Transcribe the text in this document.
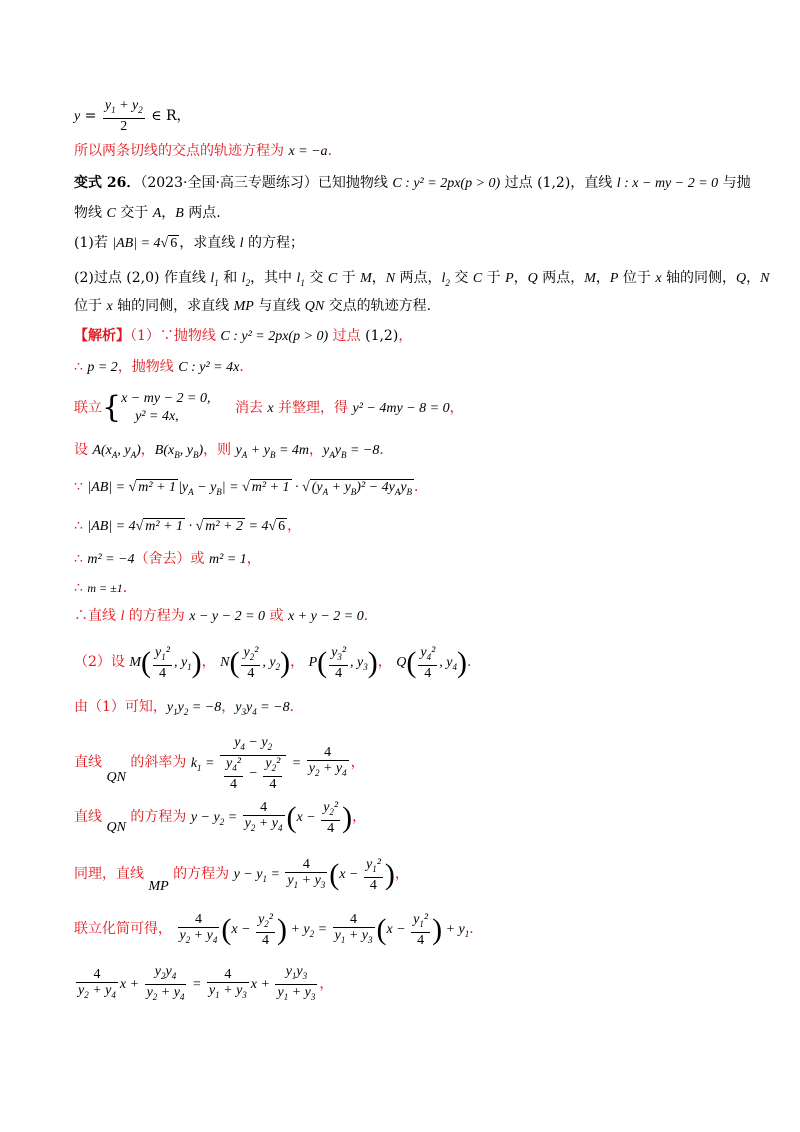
$y = \frac{y_1 + y_2}{2}$ ∈ R，
所以两条切线的交点的轨迹方程为 x = −a．
变式 26．（2023·全国·高三专题练习）已知抛物线 C : y² = 2px(p > 0) 过点 (1,2)，直线 l : x − my − 2 = 0 与抛
物线 C 交于 A，B 两点.
(1)若 |AB| = 4√ 6 ，求直线 l 的方程；
(2)过点 (2,0) 作直线 $l_1$ 和 $l_2$，其中 $l_1$ 交 C 于 M，N 两点，$l_2$ 交 C 于 P，Q 两点，M，P 位于 x 轴的同侧，Q，N
位于 x 轴的同侧，求直线 MP 与直线 QN 交点的轨迹方程.
【解析】（1）∵抛物线 C : y² = 2px(p > 0) 过点 (1,2)，
∴ p = 2，抛物线 C : y² = 4x．
联立{x − my − 2 = 0,
y² = 4x, 消去 x 并整理，得 y² − 4my − 8 = 0，
设 $A(x_A$, $y_A$)，$B(x_B$, $y_B$)，则 $y_A + y_B = 4m$，$y_Ay_B = -8$．
∵ |AB| = √ m² + 1 $|y_A - y_B|$ = √ m² + 1 · √ $(y_A + y_B)^2 - 4y_Ay_B$ ．
∴ |AB| = 4√ m² + 1 · √ m² + 2 = 4√ 6 ，
∴ m² = −4（舍去）或 m² = 1，
∴ m = ±1．
∴直线 l 的方程为 x − y − 2 = 0 或 x + y − 2 = 0．
（2）设 $M( \frac{y_1^2}{4}$ , $y_1$)， $N( \frac{y_2^2}{4}$ , $y_2$)， $P( \frac{y_3^2}{4}$ , $y_3$)， $Q( \frac{y_4^2}{4}$ , $y_4$)．
由（1）可知，$y_1y_2 = -8$，$y_3y_4 = -8$．
直线 QN 的斜率为 $k_1 = \frac{y_4 - y_2}{\frac{y_4^2}{4} - \frac{y_2^2}{4}} = \frac{4}{y_2 + y_4}$ ，
直线 QN 的方程为 $y - y_2 = \frac{4}{y_2 + y_4} (x - \frac{y_2^2}{4}$ )，
同理，直线 MP 的方程为 $y - y_1 = \frac{4}{y_1 + y_3} (x - \frac{y_1^2}{4}$ )，
联立化简可得， $\frac{4}{y_2 + y_4} (x - \frac{y_2^2}{4}$ ) + $y_2 = \frac{4}{y_1 + y_3} (x - \frac{y_1^2}{4}$ ) + $y_1$．
$\frac{4}{y_2 + y_4}$ $x + \frac{y_2y_4}{y_2 + y_4} = \frac{4}{y_1 + y_3}$ $x + \frac{y_1y_3}{y_1 + y_3}$ ，
